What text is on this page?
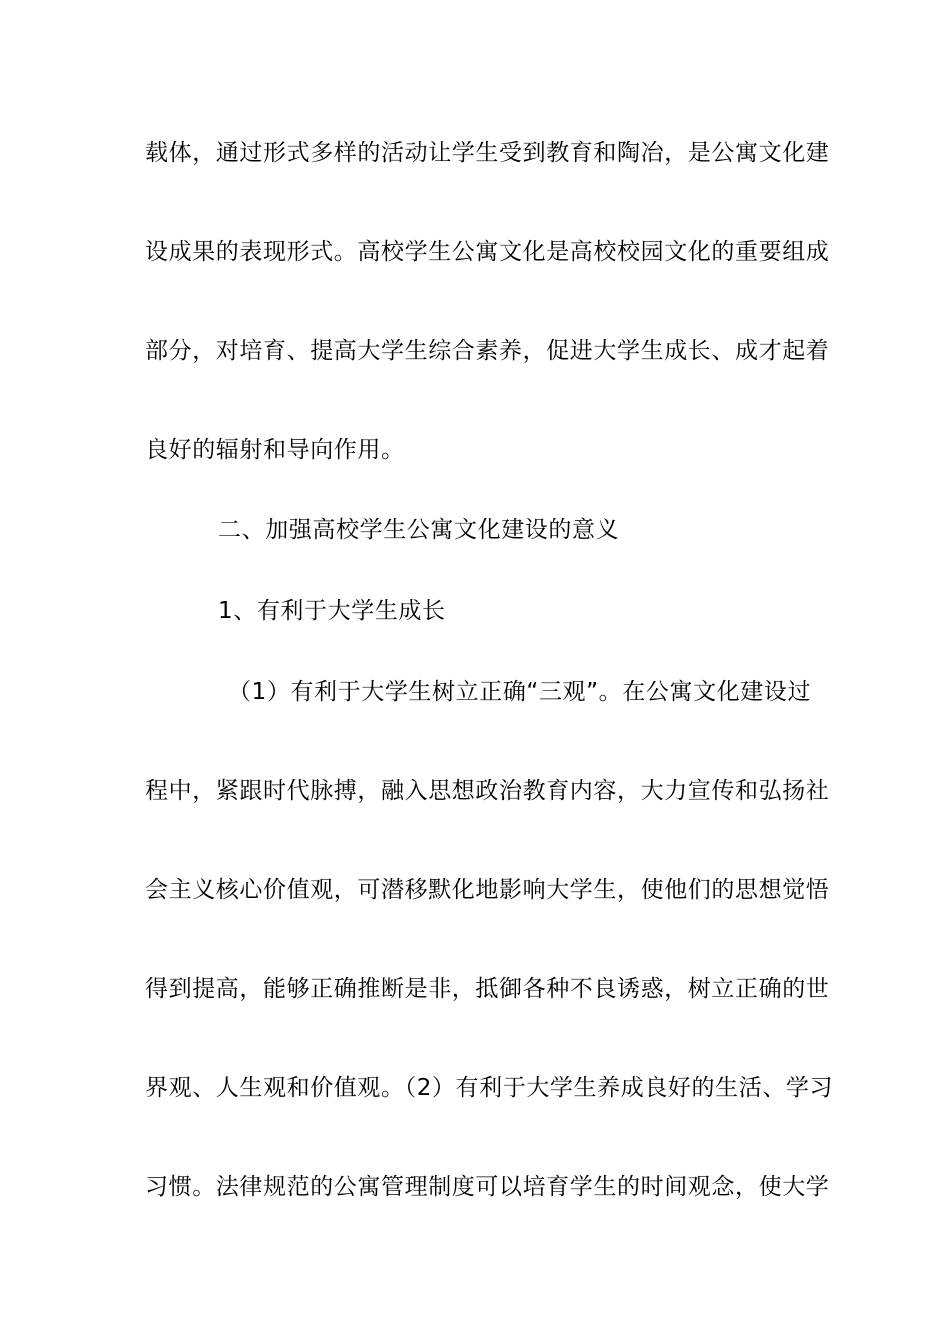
载体，通过形式多样的活动让学生受到教育和陶冶，是公寓文化建
设成果的表现形式。高校学生公寓文化是高校校园文化的重要组成
部分，对培育、提高大学生综合素养，促进大学生成长、成才起着
良好的辐射和导向作用。
二、加强高校学生公寓文化建设的意义
1、有利于大学生成长
（1）有利于大学生树立正确“三观”。在公寓文化建设过
程中，紧跟时代脉搏，融入思想政治教育内容，大力宣传和弘扬社
会主义核心价值观，可潜移默化地影响大学生，使他们的思想觉悟
得到提高，能够正确推断是非，抵御各种不良诱惑，树立正确的世
界观、人生观和价值观。（2）有利于大学生养成良好的生活、学习
习惯。法律规范的公寓管理制度可以培育学生的时间观念，使大学
